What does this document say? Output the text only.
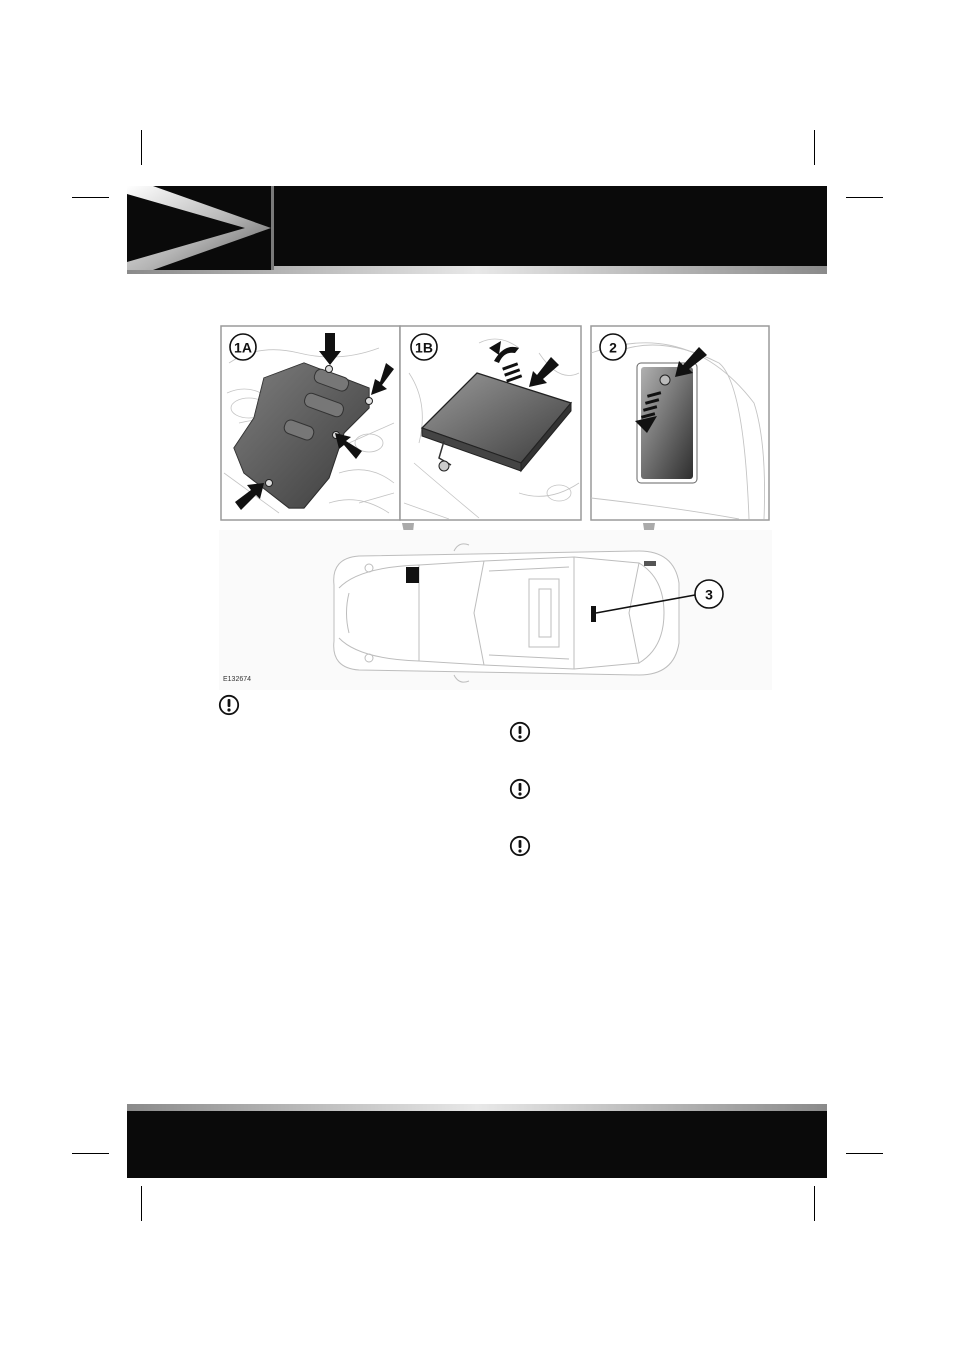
1A	1B	2
3
E132674
